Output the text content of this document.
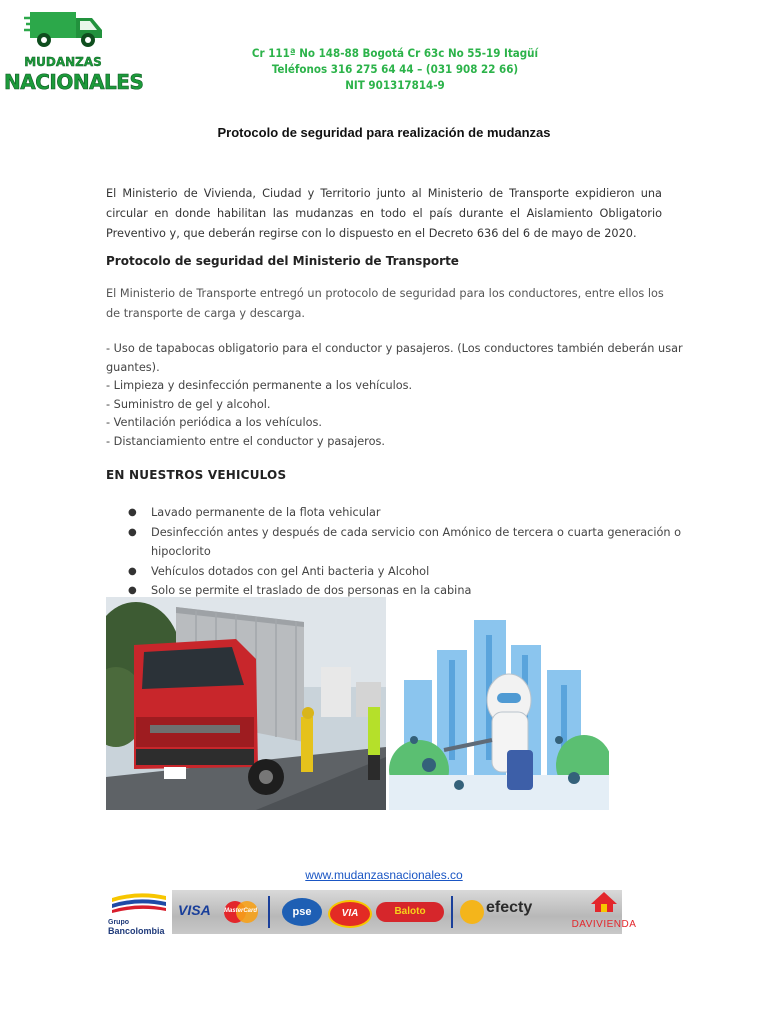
MUDANZAS
NACIONALES
Cr 111ª No 148-88 Bogotá Cr 63c No 55-19 Itagüí
Teléfonos 316 275 64 44 – (031 908 22 66)
NIT 901317814-9
Protocolo de seguridad para realización de mudanzas
El Ministerio de Vivienda, Ciudad y Territorio junto al Ministerio de Transporte expidieron una circular en donde habilitan las mudanzas en todo el país durante el Aislamiento Obligatorio Preventivo y, que deberán regirse con lo dispuesto en el Decreto 636 del 6 de mayo de 2020.
Protocolo de seguridad del Ministerio de Transporte
El Ministerio de Transporte entregó un protocolo de seguridad para los conductores, entre ellos los de transporte de carga y descarga.
- Uso de tapabocas obligatorio para el conductor y pasajeros. (Los conductores también deberán usar guantes).
- Limpieza y desinfección permanente a los vehículos.
- Suministro de gel y alcohol.
- Ventilación periódica a los vehículos.
- Distanciamiento entre el conductor y pasajeros.
EN NUESTROS VEHICULOS
● Lavado permanente de la flota vehicular
● Desinfección antes y después de cada servicio con Amónico de tercera o cuarta generación o hipoclorito
● Vehículos dotados con gel Anti bacteria y Alcohol
● Solo se permite el traslado de dos personas en la cabina
www.mudanzasnacionales.co
Grupo
Bancolombia
VISA MasterCard	pse	VIA	Baloto	efecty
DAVIVIENDA
